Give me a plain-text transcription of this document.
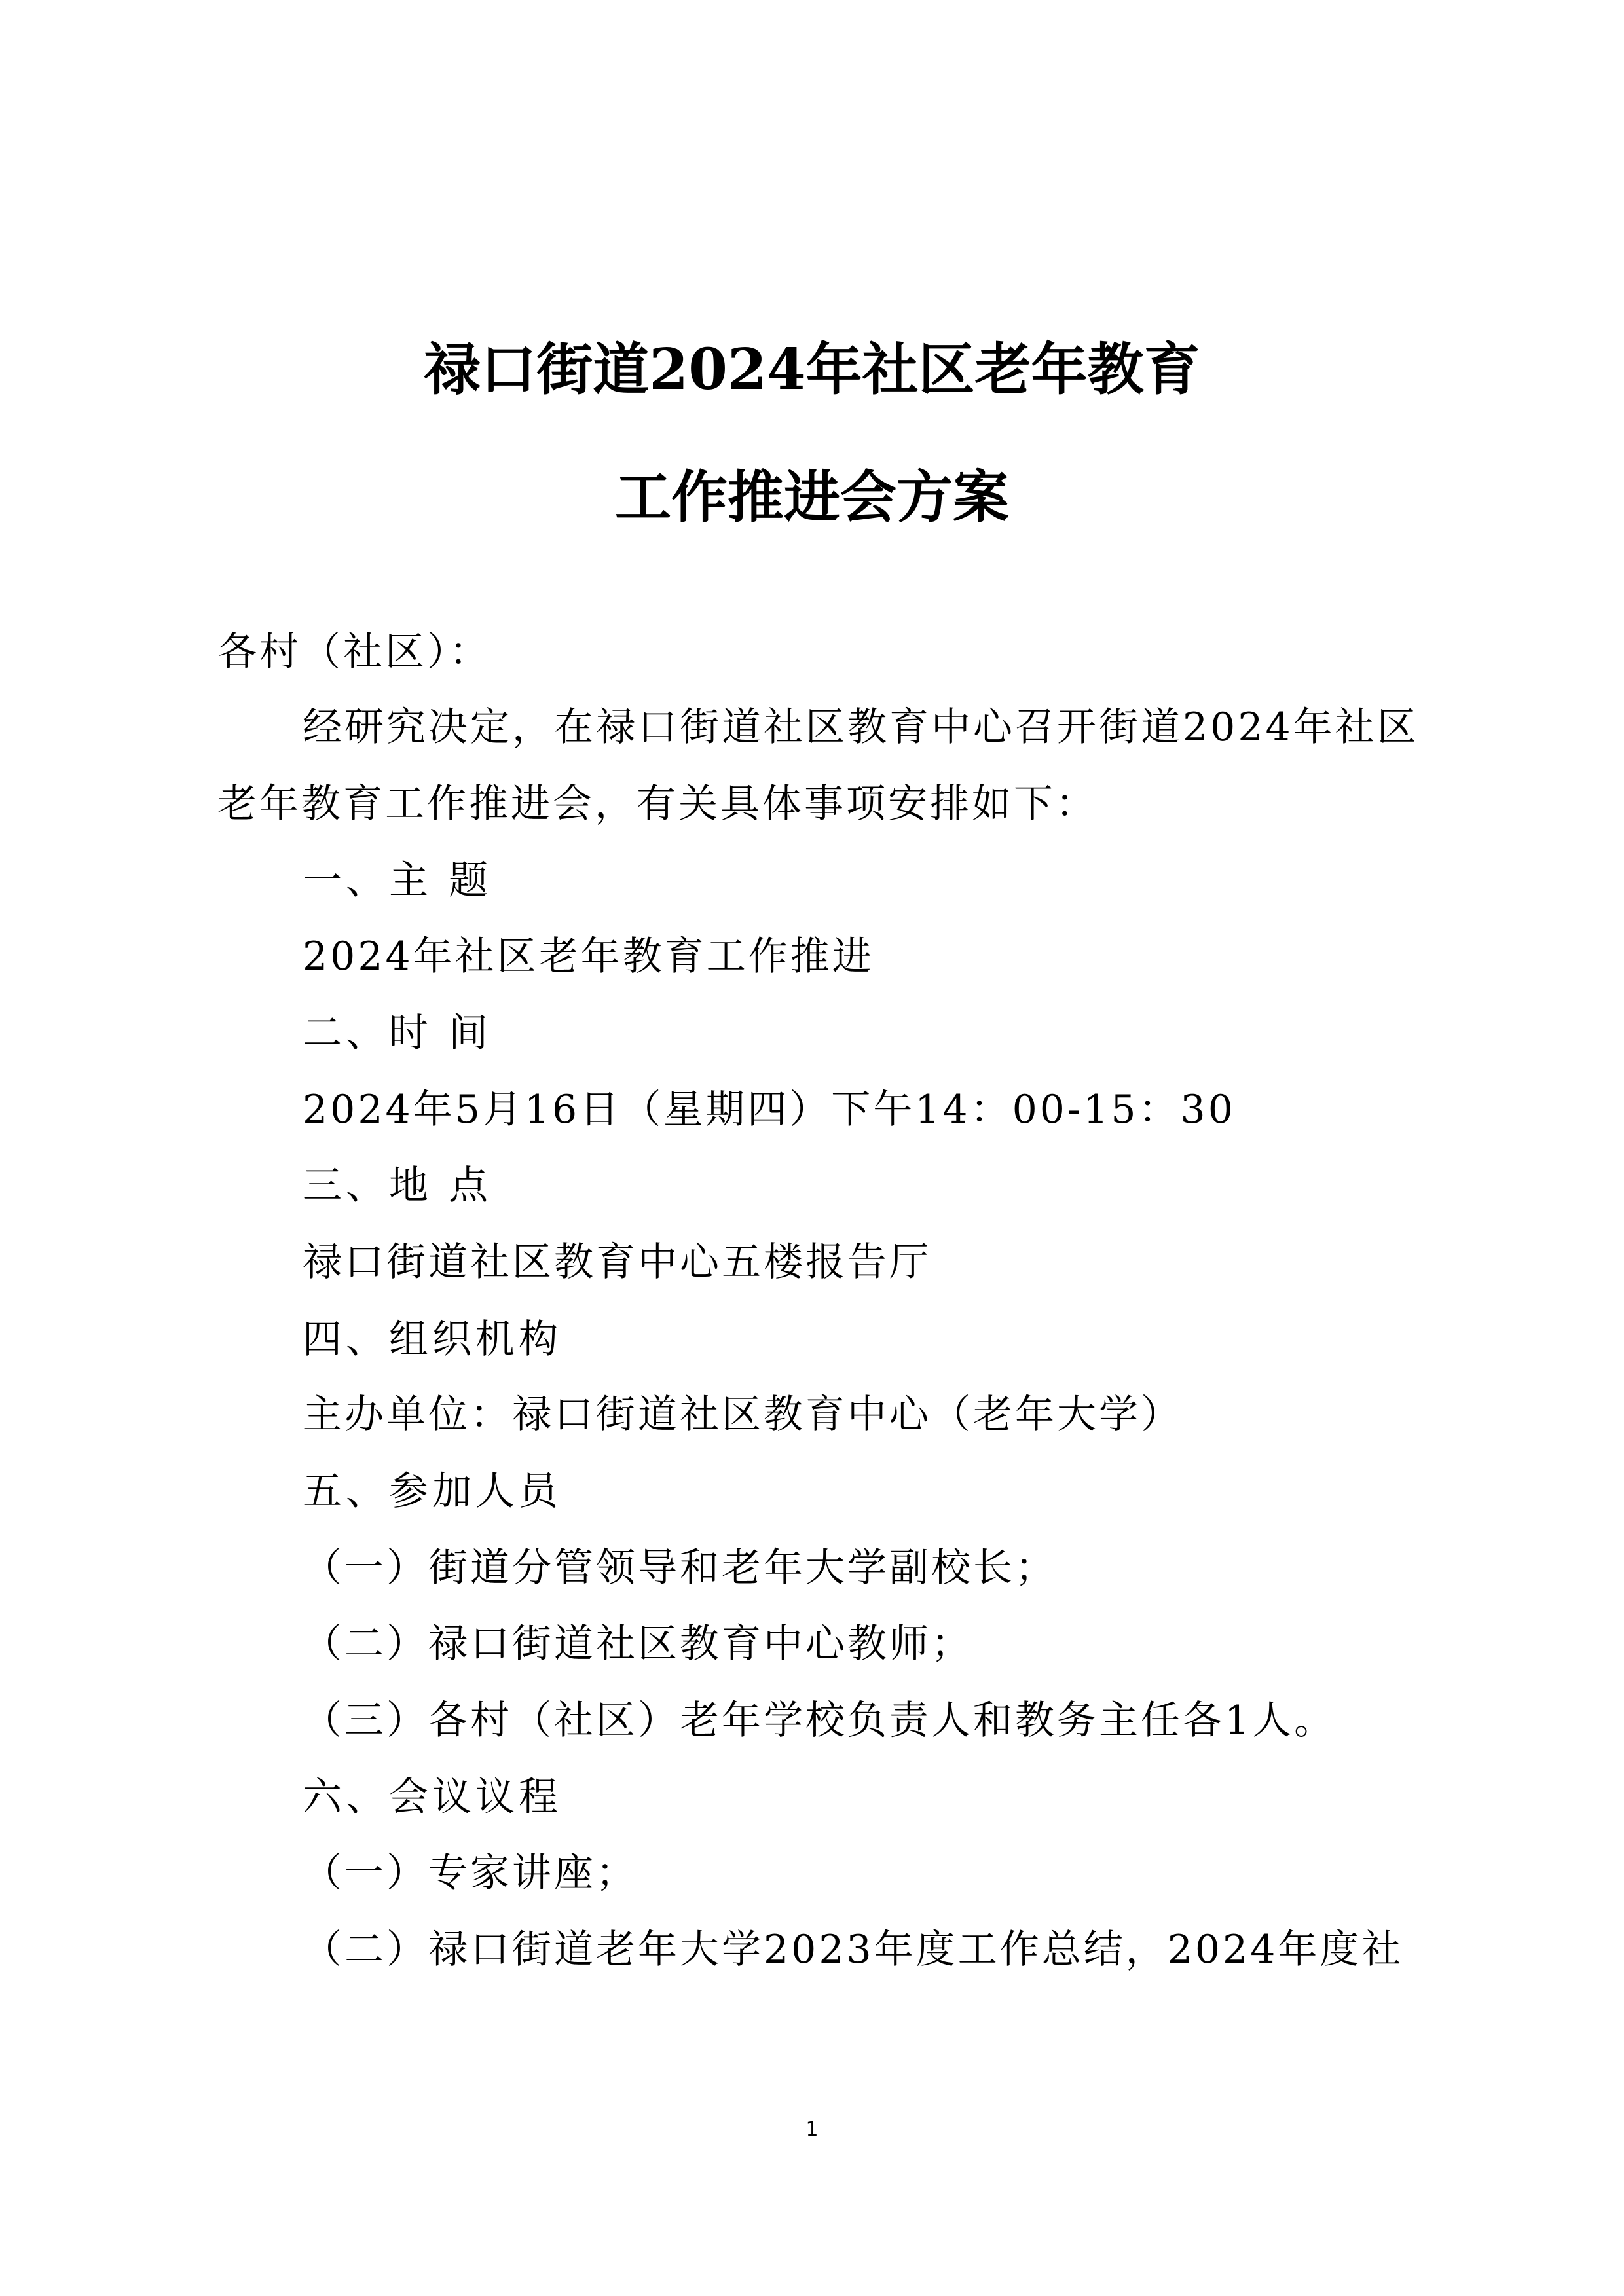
禄口街道2024年社区老年教育
工作推进会方案
各村（社区）：
经研究决定，在禄口街道社区教育中心召开街道2024年社区
老年教育工作推进会，有关具体事项安排如下：
一、主 题
2024年社区老年教育工作推进
二、时 间
2024年5月16日（星期四）下午14：00-15：30
三、地 点
禄口街道社区教育中心五楼报告厅
四、组织机构
主办单位：禄口街道社区教育中心（老年大学）
五、参加人员
（一）街道分管领导和老年大学副校长；
（二）禄口街道社区教育中心教师；
（三）各村（社区）老年学校负责人和教务主任各1人。
六、会议议程
（一）专家讲座；
（二）禄口街道老年大学2023年度工作总结，2024年度社
1
